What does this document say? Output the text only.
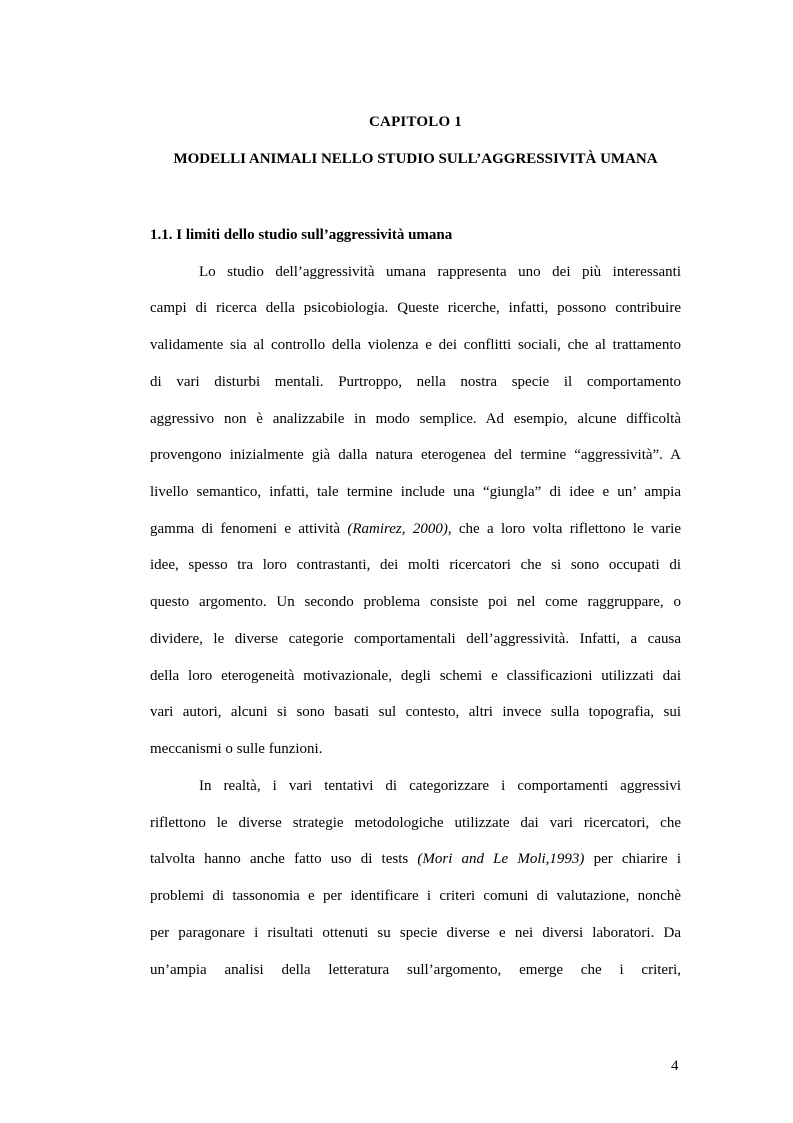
CAPITOLO 1
MODELLI ANIMALI NELLO STUDIO SULL’AGGRESSIVITÀ UMANA
1.1. I limiti dello studio sull’aggressività umana
Lo studio dell’aggressività umana rappresenta uno dei più interessanti
campi di ricerca della psicobiologia. Queste ricerche, infatti, possono contribuire
validamente sia al controllo della violenza e dei conflitti sociali, che al trattamento
di vari disturbi mentali. Purtroppo, nella nostra specie il comportamento
aggressivo non è analizzabile in modo semplice. Ad esempio, alcune difficoltà
provengono inizialmente già dalla natura eterogenea del termine “aggressività”. A
livello semantico, infatti, tale termine include una “giungla” di idee e un’ ampia
gamma di fenomeni e attività (Ramirez, 2000), che a loro volta riflettono le varie
idee, spesso tra loro contrastanti, dei molti ricercatori che si sono occupati di
questo argomento. Un secondo problema consiste poi nel come raggruppare, o
dividere, le diverse categorie comportamentali dell’aggressività. Infatti, a causa
della loro eterogeneità motivazionale, degli schemi e classificazioni utilizzati dai
vari autori, alcuni si sono basati sul contesto, altri invece sulla topografia, sui
meccanismi o sulle funzioni.
In realtà, i vari tentativi di categorizzare i comportamenti aggressivi
riflettono le diverse strategie metodologiche utilizzate dai vari ricercatori, che
talvolta hanno anche fatto uso di tests (Mori and Le Moli,1993) per chiarire i
problemi di tassonomia e per identificare i criteri comuni di valutazione, nonchè
per paragonare i risultati ottenuti su specie diverse e nei diversi laboratori. Da
un’ampia analisi della letteratura sull’argomento, emerge che i criteri,
4
